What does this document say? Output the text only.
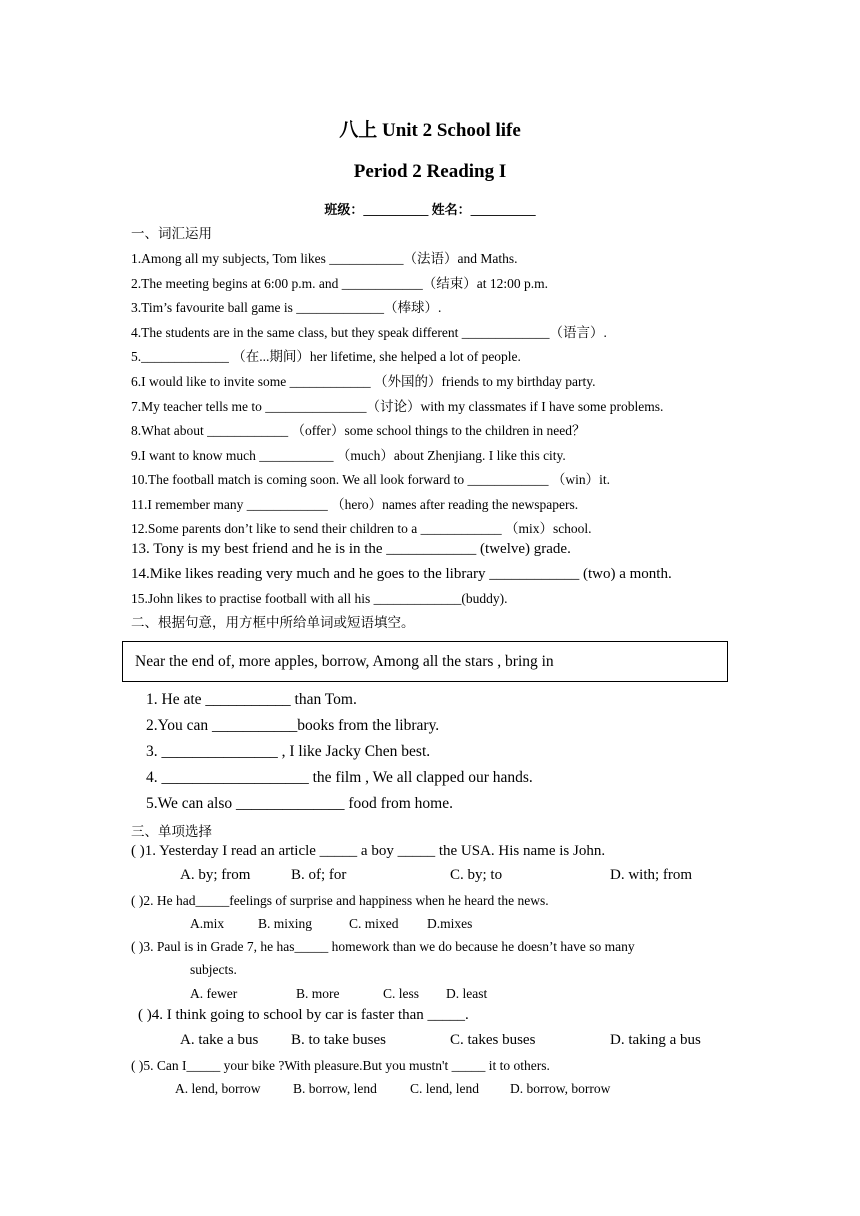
八上 Unit 2 School life
Period 2 Reading I
班级：__________ 姓名：__________
一、词汇运用
1.Among all my subjects, Tom likes ___________（法语）and Maths.
2.The meeting begins at 6:00 p.m. and ____________（结束）at 12:00 p.m.
3.Tim’s favourite ball game is _____________（棒球）.
4.The students are in the same class, but they speak different _____________（语言）.
5._____________ （在...期间）her lifetime, she helped a lot of people.
6.I would like to invite some ____________ （外国的）friends to my birthday party.
7.My teacher tells me to _______________（讨论）with my classmates if I have some problems.
8.What about ____________ （offer）some school things to the children in need？
9.I want to know much ___________ （much）about Zhenjiang. I like this city.
10.The football match is coming soon. We all look forward to ____________ （win）it.
11.I remember many ____________ （hero）names after reading the newspapers.
12.Some parents don’t like to send their children to a ____________ （mix）school.
13. Tony is my best friend and he is in the ____________ (twelve) grade.
14.Mike likes reading very much and he goes to the library ____________ (two) a month.
15.John likes to practise football with all his _____________(buddy).
二、根据句意，用方框中所给单词或短语填空。
Near the end of, more apples, borrow, Among all the stars , bring in
1. He ate ___________ than Tom.
2.You can ___________books from the library.
3. _______________ , I like Jacky Chen best.
4. ___________________ the film , We all clapped our hands.
5.We can also ______________ food from home.
三、单项选择
( )1. Yesterday I read an article _____ a boy _____ the USA. His name is John.
A. by; from	B. of; for	C. by; to	D. with; from
( )2. He had_____feelings of surprise and happiness when he heard the news.
A.mix	B. mixing	C. mixed D.mixes
( )3. Paul is in Grade 7, he has_____ homework than we do because he doesn’t have so many
subjects.
A. fewer	B. more	C. less D. least
( )4. I think going to school by car is faster than _____.
A. take a bus B. to take buses	C. takes buses	D. taking a bus
( )5. Can I_____ your bike ?With pleasure.But you mustn't _____ it to others.
A. lend, borrow B. borrow, lend C. lend, lend D. borrow, borrow
